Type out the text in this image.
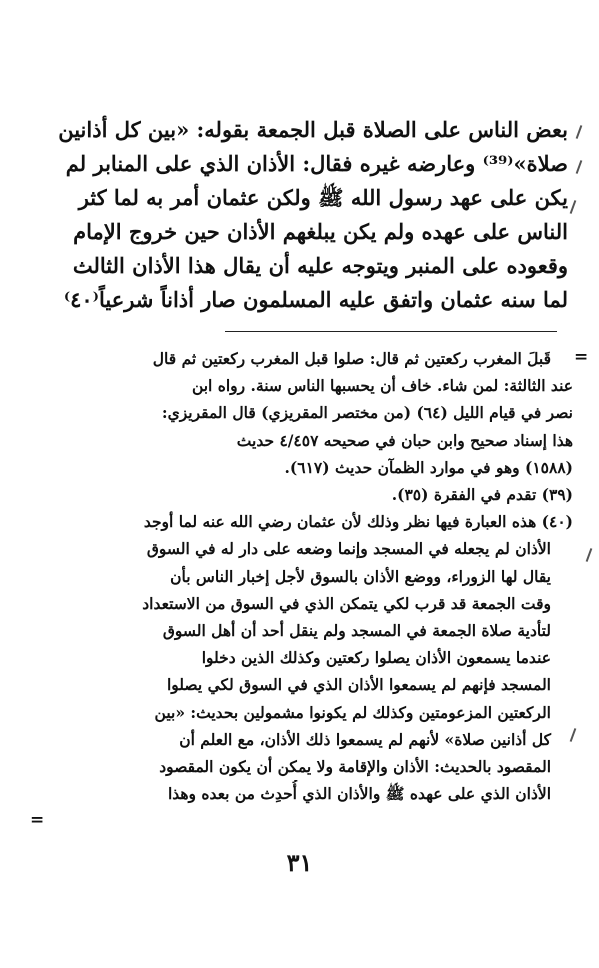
بعض الناس على الصلاة قبل الجمعة بقوله: «بين كل أذانين
صلاة»⁽³⁹⁾ وعارضه غيره فقال: الأذان الذي على المنابر لم
يكن على عهد رسول الله ﷺ ولكن عثمان أمر به لما كثر
الناس على عهده ولم يكن يبلغهم الأذان حين خروج الإمام
وقعوده على المنبر ويتوجه عليه أن يقال هذا الأذان الثالث
لما سنه عثمان واتفق عليه المسلمون صار أذاناً شرعياً⁽٤٠⁾
=
قَبلَ المغرب ركعتين ثم قال: صلوا قبل المغرب ركعتين ثم قال
عند الثالثة: لمن شاء. خاف أن يحسبها الناس سنة. رواه ابن
نصر في قيام الليل (٦٤) (من مختصر المقريزي) قال المقريزي:
هذا إسناد صحيح وابن حبان في صحيحه ٤/٤٥٧ حديث
(١٥٨٨) وهو في موارد الظمآن حديث (٦١٧).
(٣٩) تقدم في الفقرة (٣٥).
(٤٠) هذه العبارة فيها نظر وذلك لأن عثمان رضي الله عنه لما أوجد
الأذان لم يجعله في المسجد وإنما وضعه على دار له في السوق
يقال لها الزوراء، ووضع الأذان بالسوق لأجل إخبار الناس بأن
وقت الجمعة قد قرب لكي يتمكن الذي في السوق من الاستعداد
لتأدية صلاة الجمعة في المسجد ولم ينقل أحد أن أهل السوق
عندما يسمعون الأذان يصلوا ركعتين وكذلك الذين دخلوا
المسجد فإنهم لم يسمعوا الأذان الذي في السوق لكي يصلوا
الركعتين المزعومتين وكذلك لم يكونوا مشمولين بحديث: «بين
كل أذانين صلاة» لأنهم لم يسمعوا ذلك الأذان، مع العلم أن
المقصود بالحديث: الأذان والإقامة ولا يمكن أن يكون المقصود
الأذان الذي على عهده ﷺ والأذان الذي أُحدِث من بعده وهذا
=
٣١
